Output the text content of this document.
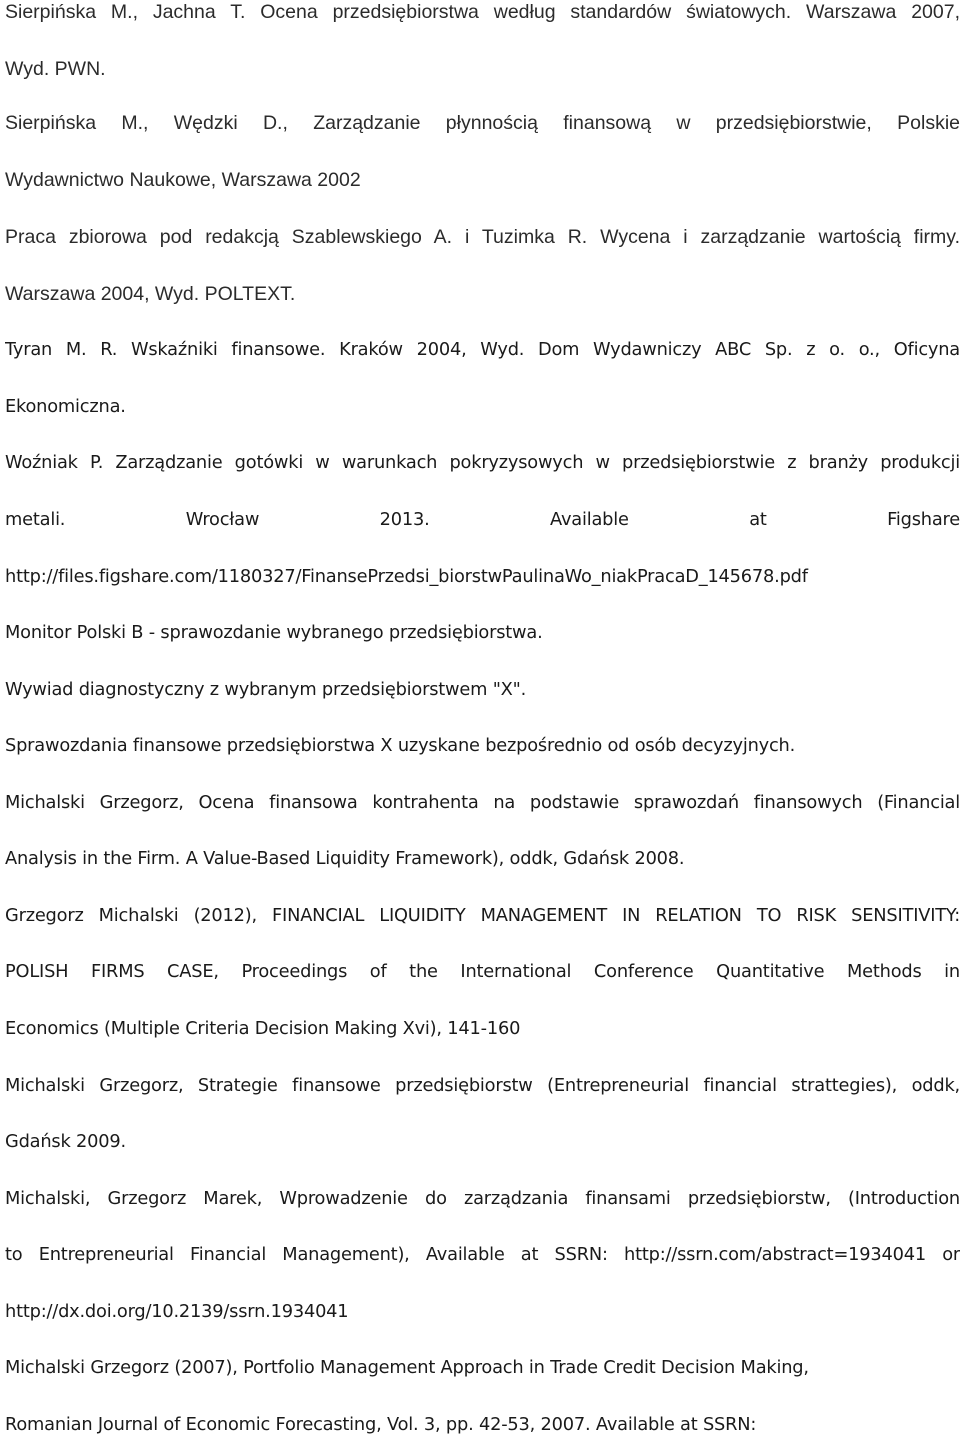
Sierpińska M., Jachna T. Ocena przedsiębiorstwa według standardów światowych. Warszawa 2007,
Wyd. PWN.
Sierpińska M., Wędzki D., Zarządzanie płynnością finansową w przedsiębiorstwie, Polskie
Wydawnictwo Naukowe, Warszawa 2002
Praca zbiorowa pod redakcją Szablewskiego A. i Tuzimka R. Wycena i zarządzanie wartością firmy.
Warszawa 2004, Wyd. POLTEXT.
Tyran M. R. Wskaźniki finansowe. Kraków 2004, Wyd. Dom Wydawniczy ABC Sp. z o. o., Oficyna
Ekonomiczna.
Woźniak P. Zarządzanie gotówki w warunkach pokryzysowych w przedsiębiorstwie z branży produkcji
metali. Wrocław 2013. Available at Figshare
http://files.figshare.com/1180327/FinansePrzedsi_biorstwPaulinaWo_niakPracaD_145678.pdf
Monitor Polski B - sprawozdanie wybranego przedsiębiorstwa.
Wywiad diagnostyczny z wybranym przedsiębiorstwem "X".
Sprawozdania finansowe przedsiębiorstwa X uzyskane bezpośrednio od osób decyzyjnych.
Michalski Grzegorz, Ocena finansowa kontrahenta na podstawie sprawozdań finansowych (Financial
Analysis in the Firm. A Value-Based Liquidity Framework), oddk, Gdańsk 2008.
Grzegorz Michalski (2012), FINANCIAL LIQUIDITY MANAGEMENT IN RELATION TO RISK SENSITIVITY:
POLISH FIRMS CASE, Proceedings of the International Conference Quantitative Methods in
Economics (Multiple Criteria Decision Making Xvi), 141-160
Michalski Grzegorz, Strategie finansowe przedsiębiorstw (Entrepreneurial financial strattegies), oddk,
Gdańsk 2009.
Michalski, Grzegorz Marek, Wprowadzenie do zarządzania finansami przedsiębiorstw, (Introduction
to Entrepreneurial Financial Management), Available at SSRN: http://ssrn.com/abstract=1934041 or
http://dx.doi.org/10.2139/ssrn.1934041
Michalski Grzegorz (2007), Portfolio Management Approach in Trade Credit Decision Making,
Romanian Journal of Economic Forecasting, Vol. 3, pp. 42-53, 2007. Available at SSRN:
